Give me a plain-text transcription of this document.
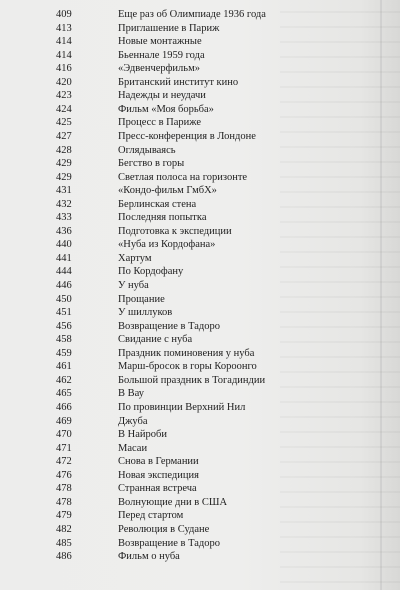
409	Еще раз об Олимпиаде 1936 года
413	Приглашение в Париж
414	Новые монтажные
414	Бьеннале 1959 года
416	«Эдвенчерфильм»
420	Британский институт кино
423	Надежды и неудачи
424	Фильм «Моя борьба»
425	Процесс в Париже
427	Пресс-конференция в Лондоне
428	Оглядываясь
429	Бегство в горы
429	Светлая полоса на горизонте
431	«Кондо-фильм ГмбХ»
432	Берлинская стена
433	Последняя попытка
436	Подготовка к экспедиции
440	«Нуба из Кордофана»
441	Хартум
444	По Кордофану
446	У нуба
450	Прощание
451	У шиллуков
456	Возвращение в Тадоро
458	Свидание с нуба
459	Праздник поминовения у нуба
461	Марш-бросок в горы Короонго
462	Большой праздник в Тогадиндии
465	В Вау
466	По провинции Верхний Нил
469	Джуба
470	В Найроби
471	Масаи
472	Снова в Германии
476	Новая экспедиция
478	Странная встреча
478	Волнующие дни в США
479	Перед стартом
482	Революция в Судане
485	Возвращение в Тадоро
486	Фильм о нуба
